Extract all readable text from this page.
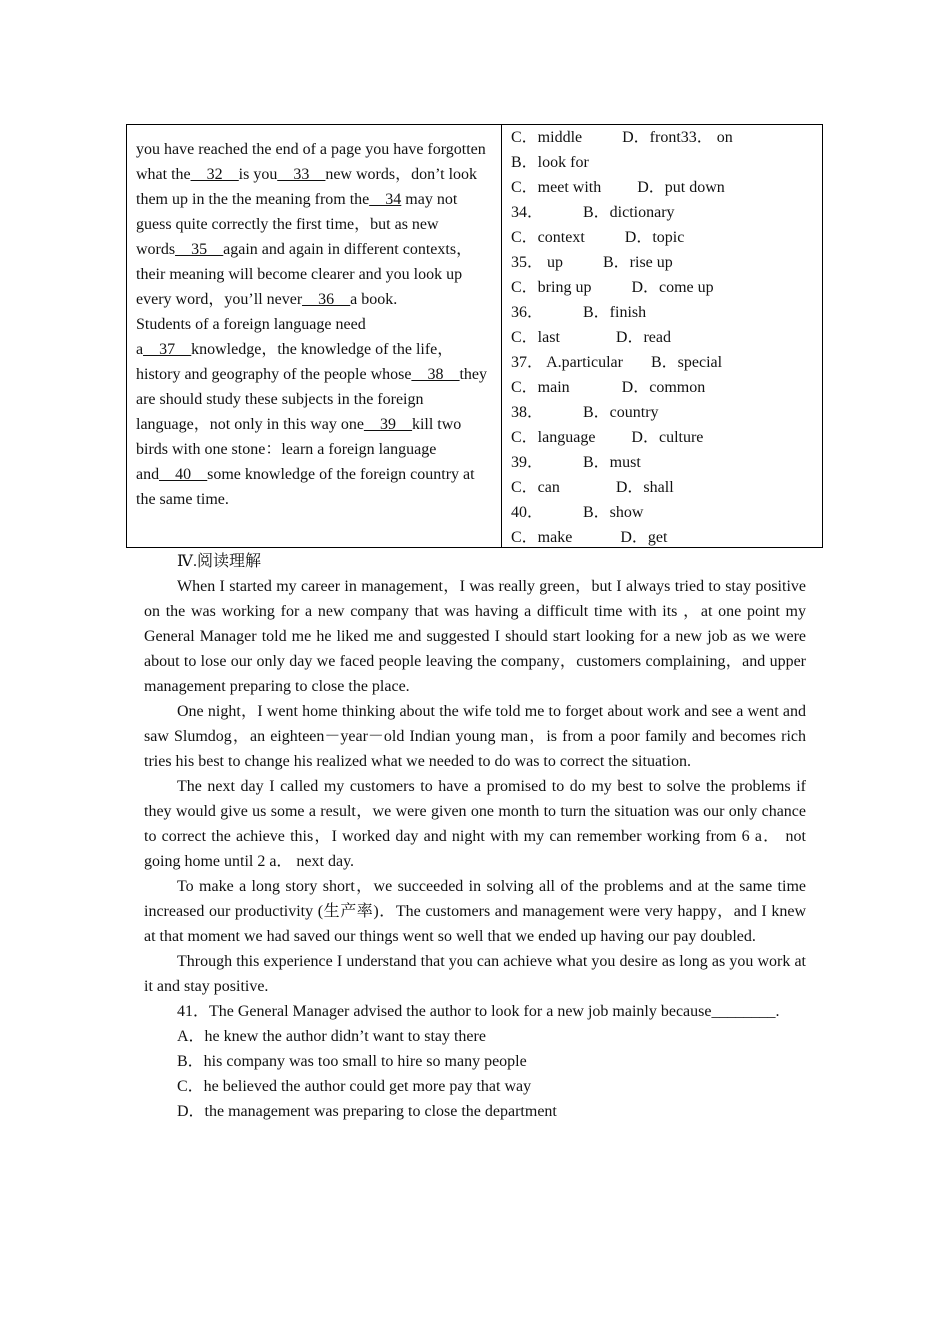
you have reached the end of a page you have forgotten what the__32__is you__33__new words，don’t look them up in the the meaning from the__34 may not guess quite correctly the first time，but as new words__35__again and again in different contexts，their meaning will become clearer and you look up every word，you’ll never__36__a book.
Students of a foreign language need a__37__knowledge，the knowledge of the life，history and geography of the people whose__38__they are should study these subjects in the foreign language，not only in this way one__39__kill two birds with one stone：learn a foreign language and__40__some knowledge of the foreign country at the same time.
C．middle          D．front33． on
B．look for
C．meet with         D．put down
34．          B．dictionary
C．context          D．topic
35． up          B．rise up
C．bring up          D．come up
36．          B．finish
C．last              D．read
37． A.particular       B．special
C．main             D．common
38．          B．country
C．language         D．culture
39．          B．must
C．can              D．shall
40．          B．show
C．make            D．get
Ⅳ.阅读理解

When I started my career in management，I was really green，but I always tried to stay positive on the was working for a new company that was having a difficult time with its ，at one point my General Manager told me he liked me and suggested I should start looking for a new job as we were about to lose our only day we faced people leaving the company，customers complaining，and upper management preparing to close the place.

One night，I went home thinking about the wife told me to forget about work and see a went and saw Slumdog，an eighteen－year－old Indian young man，is from a poor family and becomes rich tries his best to change his realized what we needed to do was to correct the situation.

The next day I called my customers to have a promised to do my best to solve the problems if they would give us some a result，we were given one month to turn the situation was our only chance to correct the achieve this，I worked day and night with my can remember working from 6 a． not going home until 2 a． next day.

To make a long story short，we succeeded in solving all of the problems and at the same time increased our productivity (生产率)．The customers and management were very happy，and I knew at that moment we had saved our things went so well that we ended up having our pay doubled.

Through this experience I understand that you can achieve what you desire as long as you work at it and stay positive.

41．The General Manager advised the author to look for a new job mainly because________.

A．he knew the author didn’t want to stay there

B．his company was too small to hire so many people

C．he believed the author could get more pay that way

D．the management was preparing to close the department
